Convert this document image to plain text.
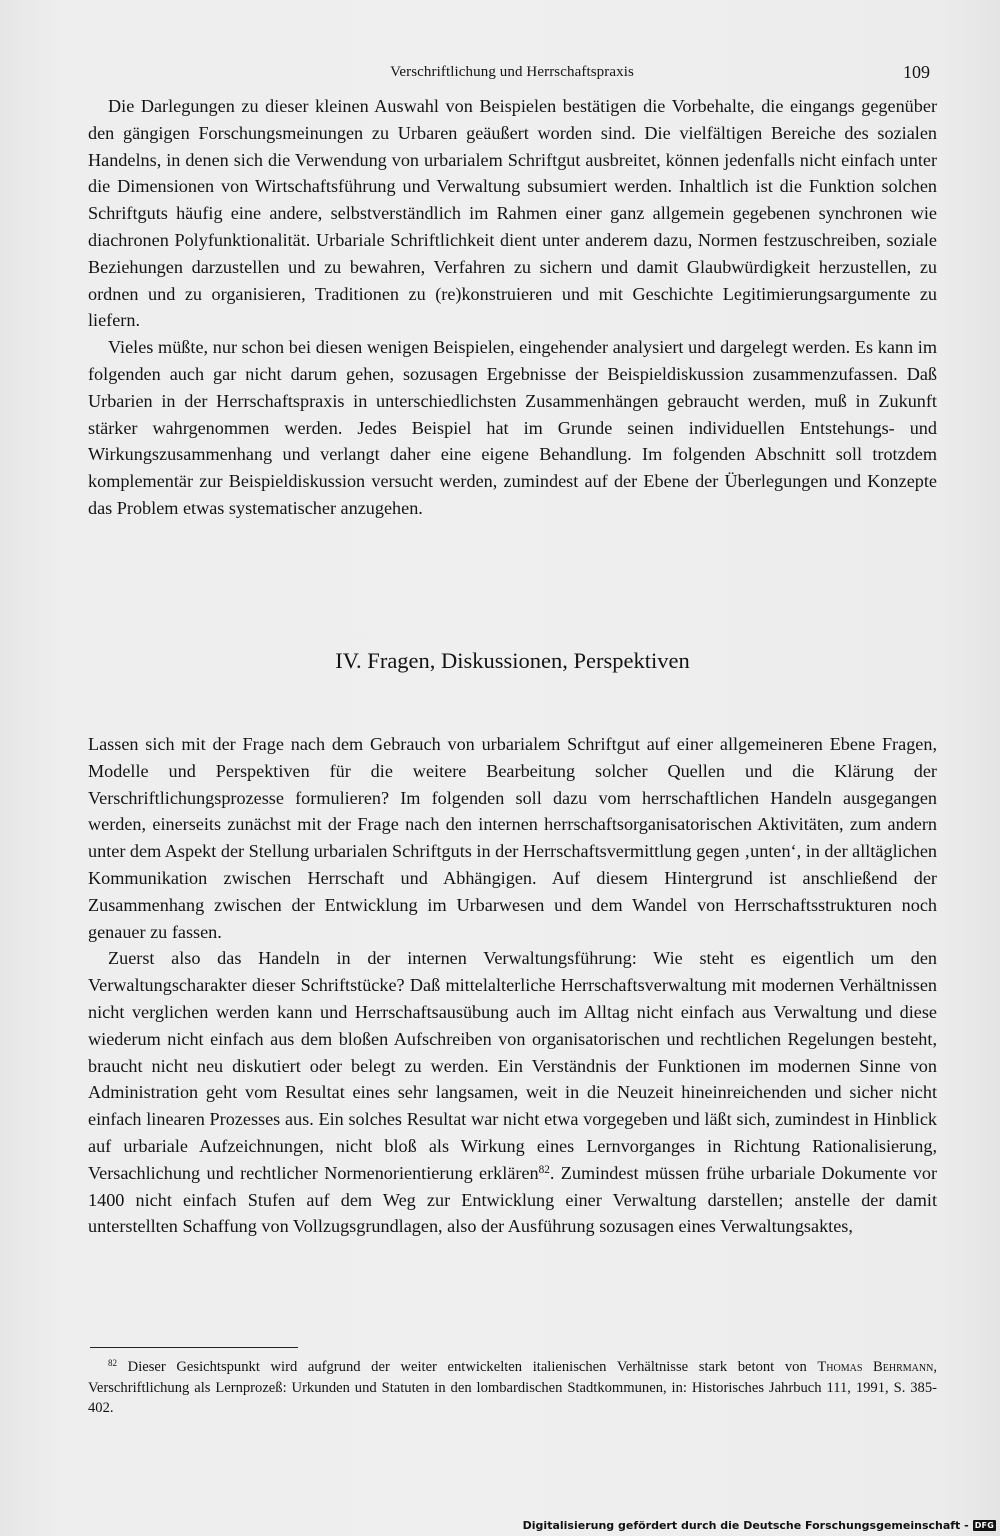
Verschriftlichung und Herrschaftspraxis	109

Die Darlegungen zu dieser kleinen Auswahl von Beispielen bestätigen die Vorbehalte, die eingangs gegenüber den gängigen Forschungsmeinungen zu Urbaren geäußert worden sind. Die vielfältigen Bereiche des sozialen Handelns, in denen sich die Verwendung von urbarialem Schriftgut ausbreitet, können jedenfalls nicht einfach unter die Dimensionen von Wirtschaftsführung und Verwaltung subsumiert werden. Inhaltlich ist die Funktion solchen Schriftguts häufig eine andere, selbstverständlich im Rahmen einer ganz allgemein gegebenen synchronen wie diachronen Polyfunktionalität. Urbariale Schriftlichkeit dient unter anderem dazu, Normen festzuschreiben, soziale Beziehungen darzustellen und zu bewahren, Verfahren zu sichern und damit Glaubwürdigkeit herzustellen, zu ordnen und zu organisieren, Traditionen zu (re)konstruieren und mit Geschichte Legitimierungsargumente zu liefern.

Vieles müßte, nur schon bei diesen wenigen Beispielen, eingehender analysiert und dargelegt werden. Es kann im folgenden auch gar nicht darum gehen, sozusagen Ergebnisse der Beispieldiskussion zusammenzufassen. Daß Urbarien in der Herrschaftspraxis in unterschiedlichsten Zusammenhängen gebraucht werden, muß in Zukunft stärker wahrgenommen werden. Jedes Beispiel hat im Grunde seinen individuellen Entstehungs- und Wirkungszusammenhang und verlangt daher eine eigene Behandlung. Im folgenden Abschnitt soll trotzdem komplementär zur Beispieldiskussion versucht werden, zumindest auf der Ebene der Überlegungen und Konzepte das Problem etwas systematischer anzugehen.

IV. Fragen, Diskussionen, Perspektiven

Lassen sich mit der Frage nach dem Gebrauch von urbarialem Schriftgut auf einer allgemeineren Ebene Fragen, Modelle und Perspektiven für die weitere Bearbeitung solcher Quellen und die Klärung der Verschriftlichungsprozesse formulieren? Im folgenden soll dazu vom herrschaftlichen Handeln ausgegangen werden, einerseits zunächst mit der Frage nach den internen herrschaftsorganisatorischen Aktivitäten, zum andern unter dem Aspekt der Stellung urbarialen Schriftguts in der Herrschaftsvermittlung gegen ‚unten‘, in der alltäglichen Kommunikation zwischen Herrschaft und Abhängigen. Auf diesem Hintergrund ist anschließend der Zusammenhang zwischen der Entwicklung im Urbarwesen und dem Wandel von Herrschaftsstrukturen noch genauer zu fassen.

Zuerst also das Handeln in der internen Verwaltungsführung: Wie steht es eigentlich um den Verwaltungscharakter dieser Schriftstücke? Daß mittelalterliche Herrschaftsverwaltung mit modernen Verhältnissen nicht verglichen werden kann und Herrschaftsausübung auch im Alltag nicht einfach aus Verwaltung und diese wiederum nicht einfach aus dem bloßen Aufschreiben von organisatorischen und rechtlichen Regelungen besteht, braucht nicht neu diskutiert oder belegt zu werden. Ein Verständnis der Funktionen im modernen Sinne von Administration geht vom Resultat eines sehr langsamen, weit in die Neuzeit hineinreichenden und sicher nicht einfach linearen Prozesses aus. Ein solches Resultat war nicht etwa vorgegeben und läßt sich, zumindest in Hinblick auf urbariale Aufzeichnungen, nicht bloß als Wirkung eines Lernvorganges in Richtung Rationalisierung, Versachlichung und rechtlicher Normenorientierung erklären$^{82}$. Zumindest müssen frühe urbariale Dokumente vor 1400 nicht einfach Stufen auf dem Weg zur Entwicklung einer Verwaltung darstellen; anstelle der damit unterstellten Schaffung von Vollzugsgrundlagen, also der Ausführung sozusagen eines Verwaltungsaktes,

$^{82}$ Dieser Gesichtspunkt wird aufgrund der weiter entwickelten italienischen Verhältnisse stark betont von Thomas Behrmann, Verschriftlichung als Lernprozeß: Urkunden und Statuten in den lombardischen Stadtkommunen, in: Historisches Jahrbuch 111, 1991, S. 385-402.

Digitalisierung gefördert durch die Deutsche Forschungsgemeinschaft - DFG
